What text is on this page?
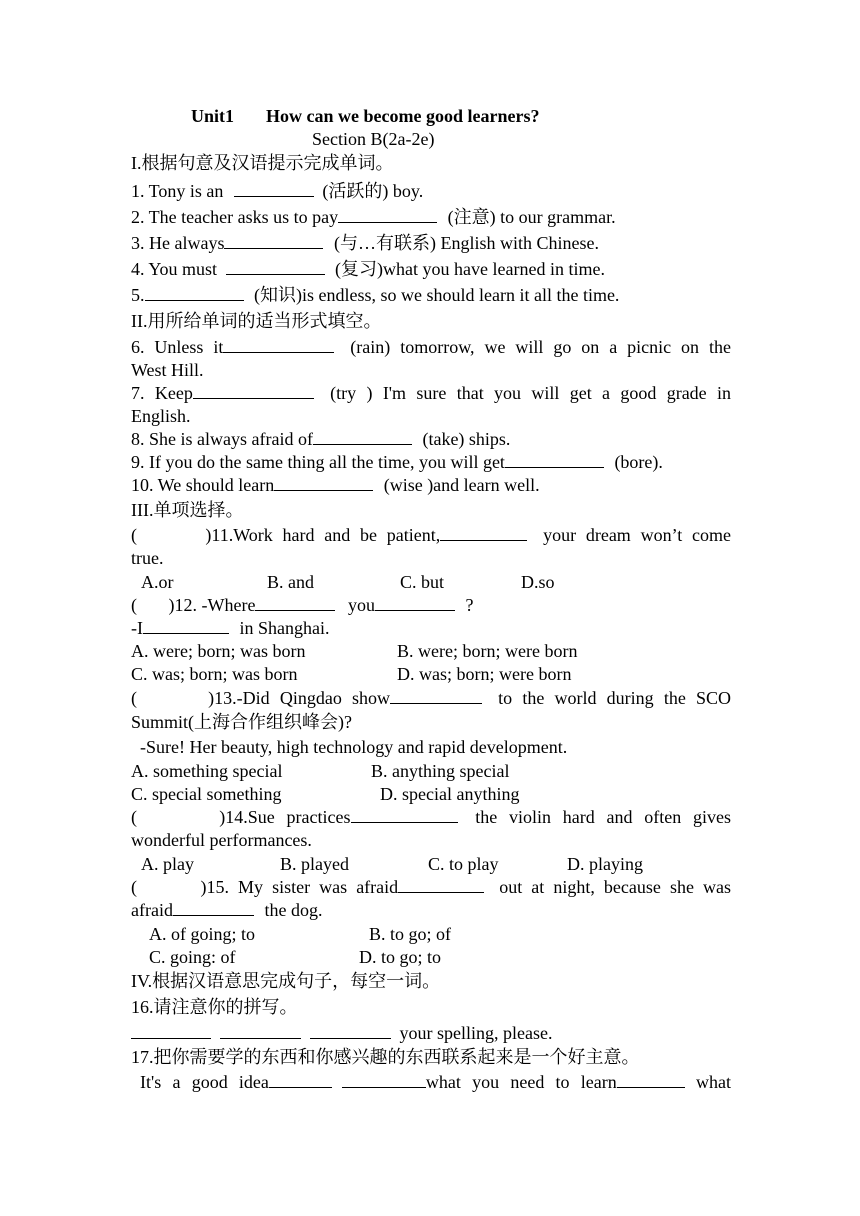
Unit1 How can we become good learners?
Section B(2a-2e)
I.根据句意及汉语提示完成单词。
1. Tony is an	(活跃的) boy.
2. The teacher asks us to pay	(注意) to our grammar.
3. He always	(与…有联系) English with Chinese.
4. You must	(复习)what you have learned in time.
5.	(知识)is endless, so we should learn it all the time.
II.用所给单词的适当形式填空。
6. Unless it	(rain) tomorrow, we will go on a picnic on the
West Hill.
7. Keep	(try ) I'm sure that you will get a good grade in
English.
8. She is always afraid of	(take) ships.
9. If you do the same thing all the time, you will get	(bore).
10. We should learn	(wise )and learn well.
III.单项选择。
(       )11.Work hard and be patient,	your dream won’t come
true.
A.or	B. and	C. but	D.so
(       )12. -Where	you	?
-I	in Shanghai.
A. were; born; was born	B. were; born; were born
C. was; born; was born	D. was; born; were born
(       )13.-Did Qingdao show	to the world during the SCO
Summit(上海合作组织峰会)?
-Sure! Her beauty, high technology and rapid development.
A. something special	B. anything special
C. special something	D. special anything
(       )14.Sue practices	the violin hard and often gives
wonderful performances.
A. play	B. played	C. to play	D. playing
(       )15. My sister was afraid	out at night, because she was
afraid	the dog.
A. of going; to	B. to go; of
C. going: of	D. to go; to
IV.根据汉语意思完成句子，每空一词。
16.请注意你的拼写。
your spelling, please.
17.把你需要学的东西和你感兴趣的东西联系起来是一个好主意。
It's a good idea	what you need to learn	what
